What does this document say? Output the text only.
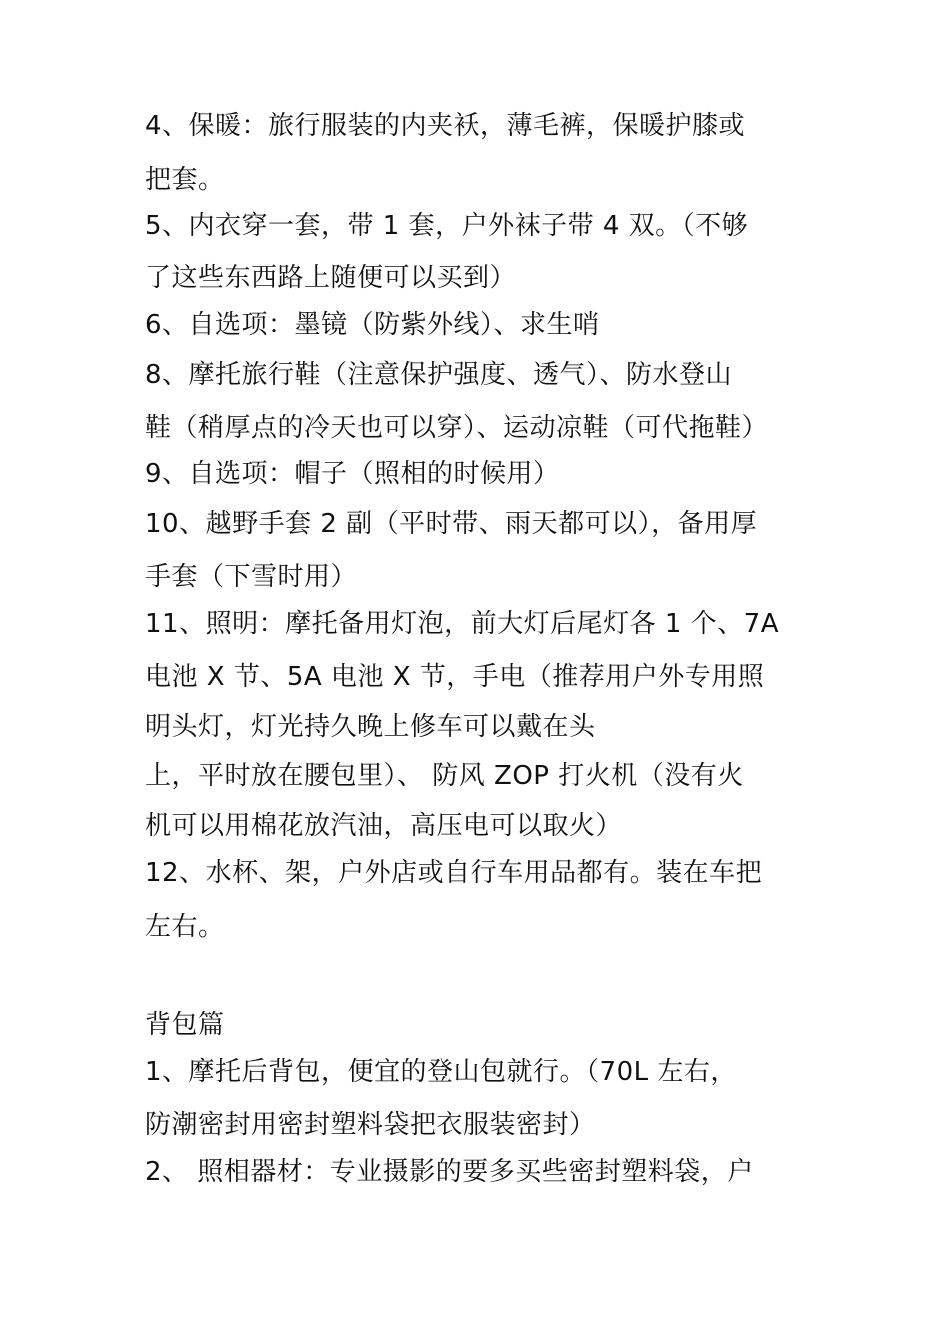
4、保暖：旅行服装的内夹袄，薄毛裤，保暖护膝或
把套。
5、内衣穿一套，带 1 套，户外袜子带 4 双。（不够
了这些东西路上随便可以买到）
6、自选项：墨镜（防紫外线）、求生哨
8、摩托旅行鞋（注意保护强度、透气）、防水登山
鞋（稍厚点的冷天也可以穿）、运动凉鞋（可代拖鞋）
9、自选项：帽子（照相的时候用）
10、越野手套 2 副（平时带、雨天都可以），备用厚
手套（下雪时用）
11、照明：摩托备用灯泡，前大灯后尾灯各 1 个、7A
电池 X 节、5A 电池 X 节，手电（推荐用户外专用照
明头灯，灯光持久晚上修车可以戴在头
上，平时放在腰包里）、 防风 ZOP 打火机（没有火
机可以用棉花放汽油，高压电可以取火）
12、水杯、架，户外店或自行车用品都有。装在车把
左右。
背包篇
1、摩托后背包，便宜的登山包就行。（70L 左右，
防潮密封用密封塑料袋把衣服装密封）
2、 照相器材：专业摄影的要多买些密封塑料袋，户
